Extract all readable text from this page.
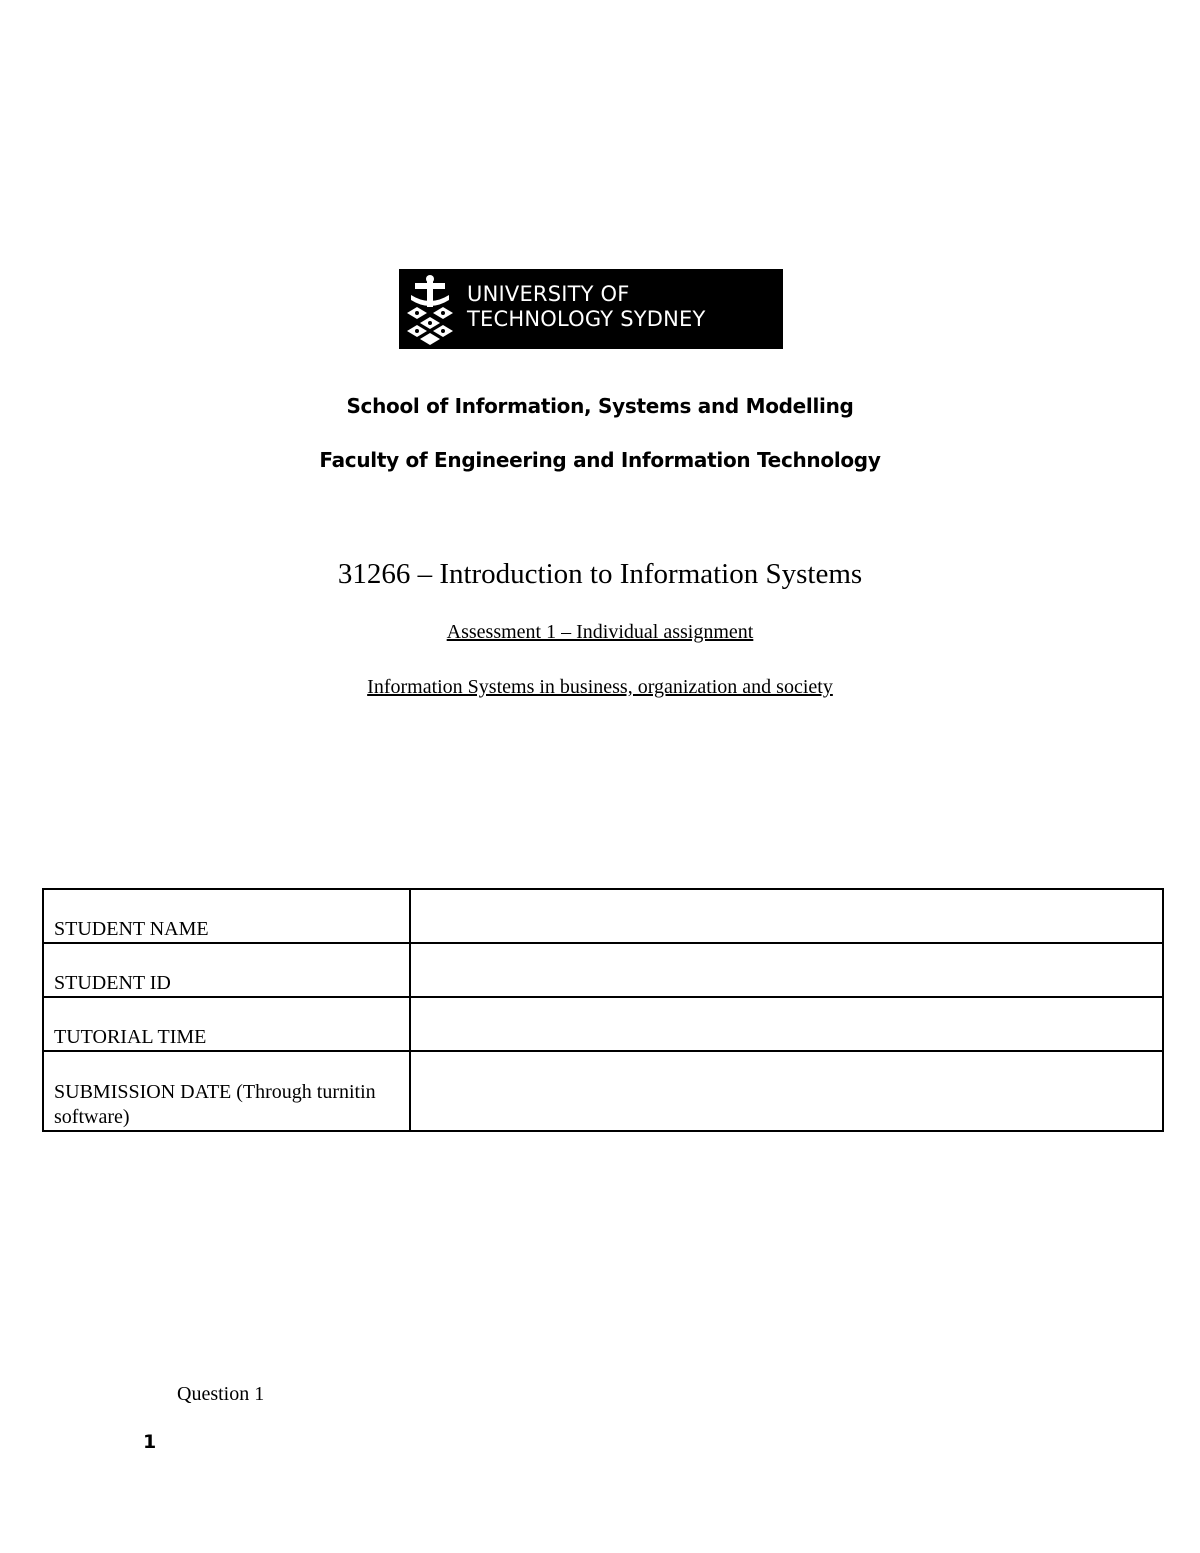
UNIVERSITY OF
TECHNOLOGY SYDNEY
School of Information, Systems and Modelling
Faculty of Engineering and Information Technology
31266 – Introduction to Information Systems
Assessment 1 – Individual assignment
Information Systems in business, organization and society
STUDENT NAME	
STUDENT ID	
TUTORIAL TIME	
SUBMISSION DATE (Through turnitin software)	
Question 1
1
